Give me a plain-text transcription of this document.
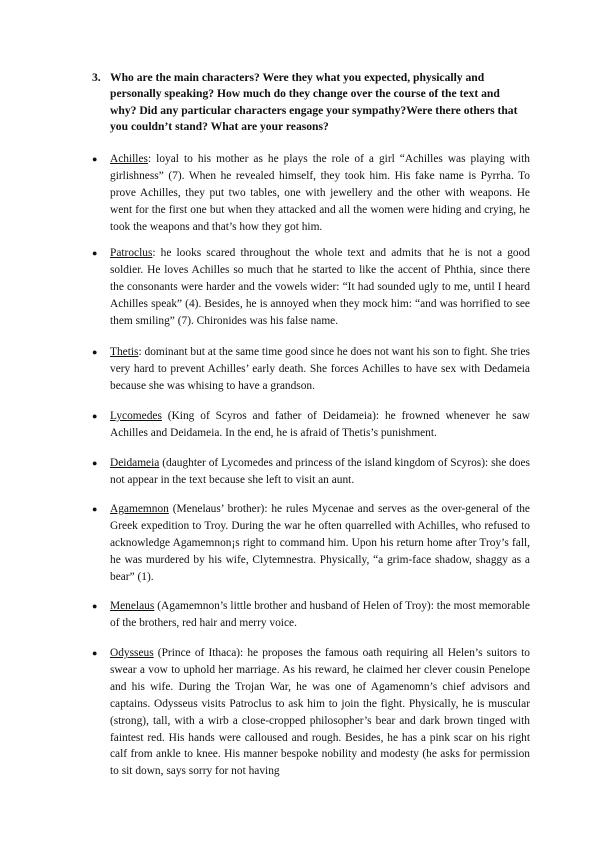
3. Who are the main characters? Were they what you expected, physically and personally speaking? How much do they change over the course of the text and why? Did any particular characters engage your sympathy?Were there others that you couldn’t stand? What are your reasons?
●	Achilles: loyal to his mother as he plays the role of a girl “Achilles was playing with girlishness” (7). When he revealed himself, they took him. His fake name is Pyrrha. To prove Achilles, they put two tables, one with jewellery and the other with weapons. He went for the first one but when they attacked and all the women were hiding and crying, he took the weapons and that’s how they got him.
●	Patroclus: he looks scared throughout the whole text and admits that he is not a good soldier. He loves Achilles so much that he started to like the accent of Phthia, since there the consonants were harder and the vowels wider: “It had sounded ugly to me, until I heard Achilles speak” (4). Besides, he is annoyed when they mock him: “and was horrified to see them smiling” (7). Chironides was his false name.
●	Thetis: dominant but at the same time good since he does not want his son to fight. She tries very hard to prevent Achilles’ early death. She forces Achilles to have sex with Dedameia because she was whising to have a grandson.
●	Lycomedes (King of Scyros and father of Deidameia): he frowned whenever he saw Achilles and Deidameia. In the end, he is afraid of Thetis’s punishment.
●	Deidameia (daughter of Lycomedes and princess of the island kingdom of Scyros): she does not appear in the text because she left to visit an aunt.
●	Agamemnon (Menelaus’ brother): he rules Mycenae and serves as the over-general of the Greek expedition to Troy. During the war he often quarrelled with Achilles, who refused to acknowledge Agamemnon¡s right to command him. Upon his return home after Troy’s fall, he was murdered by his wife, Clytemnestra. Physically, “a grim-face shadow, shaggy as a bear” (1).
●	Menelaus (Agamemnon’s little brother and husband of Helen of Troy): the most memorable of the brothers, red hair and merry voice.
●	Odysseus (Prince of Ithaca): he proposes the famous oath requiring all Helen’s suitors to swear a vow to uphold her marriage. As his reward, he claimed her clever cousin Penelope and his wife. During the Trojan War, he was one of Agamenomn’s chief advisors and captains. Odysseus visits Patroclus to ask him to join the fight. Physically, he is muscular (strong), tall, with a wirb a close-cropped philosopher’s bear and dark brown tinged with faintest red. His hands were calloused and rough. Besides, he has a pink scar on his right calf from ankle to knee. His manner bespoke nobility and modesty (he asks for permission to sit down, says sorry for not having
